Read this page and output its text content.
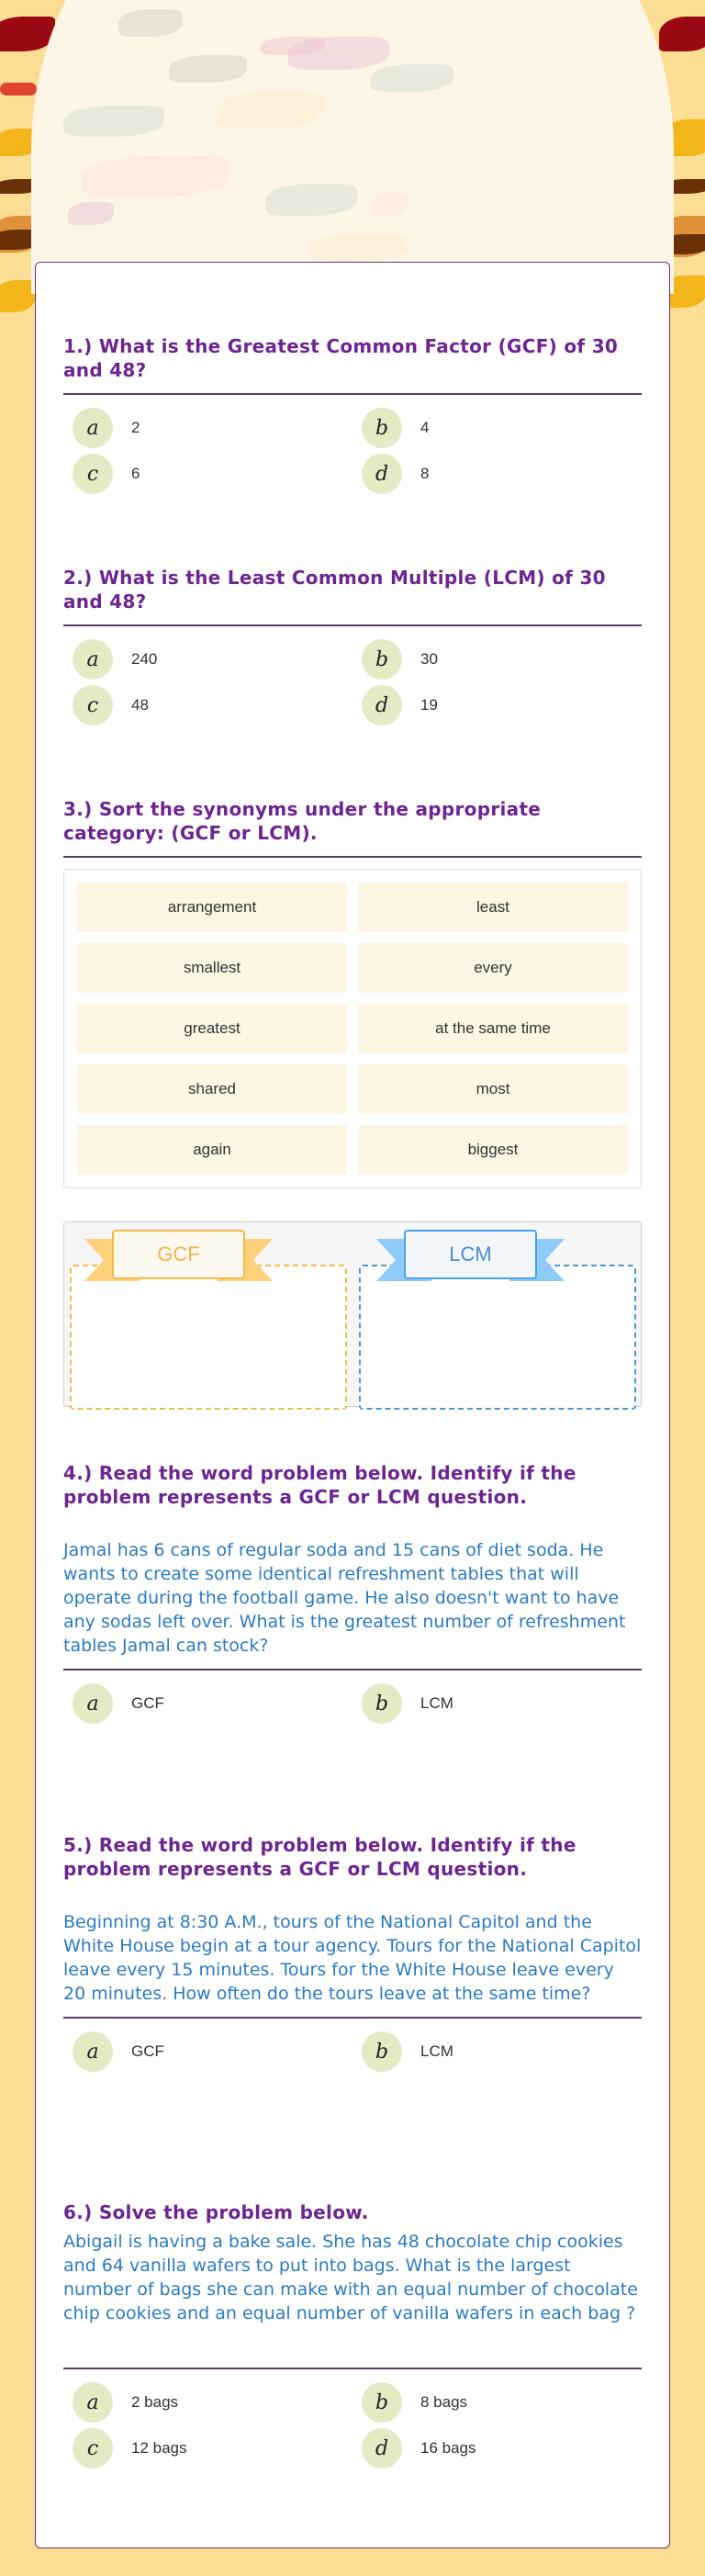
1.) What is the Greatest Common Factor (GCF) of 30 and 48?
a	2	b	4
c	6	d	8
2.) What is the Least Common Multiple (LCM) of 30 and 48?
a	240	b	30
c	48	d	19
3.) Sort the synonyms under the appropriate category: (GCF or LCM).
arrangement	least
smallest	every
greatest	at the same time
shared	most
again	biggest
GCF	LCM
4.) Read the word problem below. Identify if the problem represents a GCF or LCM question.

Jamal has 6 cans of regular soda and 15 cans of diet soda. He wants to create some identical refreshment tables that will operate during the football game. He also doesn't want to have any sodas left over. What is the greatest number of refreshment tables Jamal can stock?

a	GCF	b	LCM
5.) Read the word problem below. Identify if the problem represents a GCF or LCM question.

Beginning at 8:30 A.M., tours of the National Capitol and the White House begin at a tour agency. Tours for the National Capitol leave every 15 minutes. Tours for the White House leave every 20 minutes. How often do the tours leave at the same time?

a	GCF	b	LCM
6.) Solve the problem below.

Abigail is having a bake sale. She has 48 chocolate chip cookies and 64 vanilla wafers to put into bags. What is the largest number of bags she can make with an equal number of chocolate chip cookies and an equal number of vanilla wafers in each bag ?

a	2 bags	b	8 bags
c	12 bags	d	16 bags
